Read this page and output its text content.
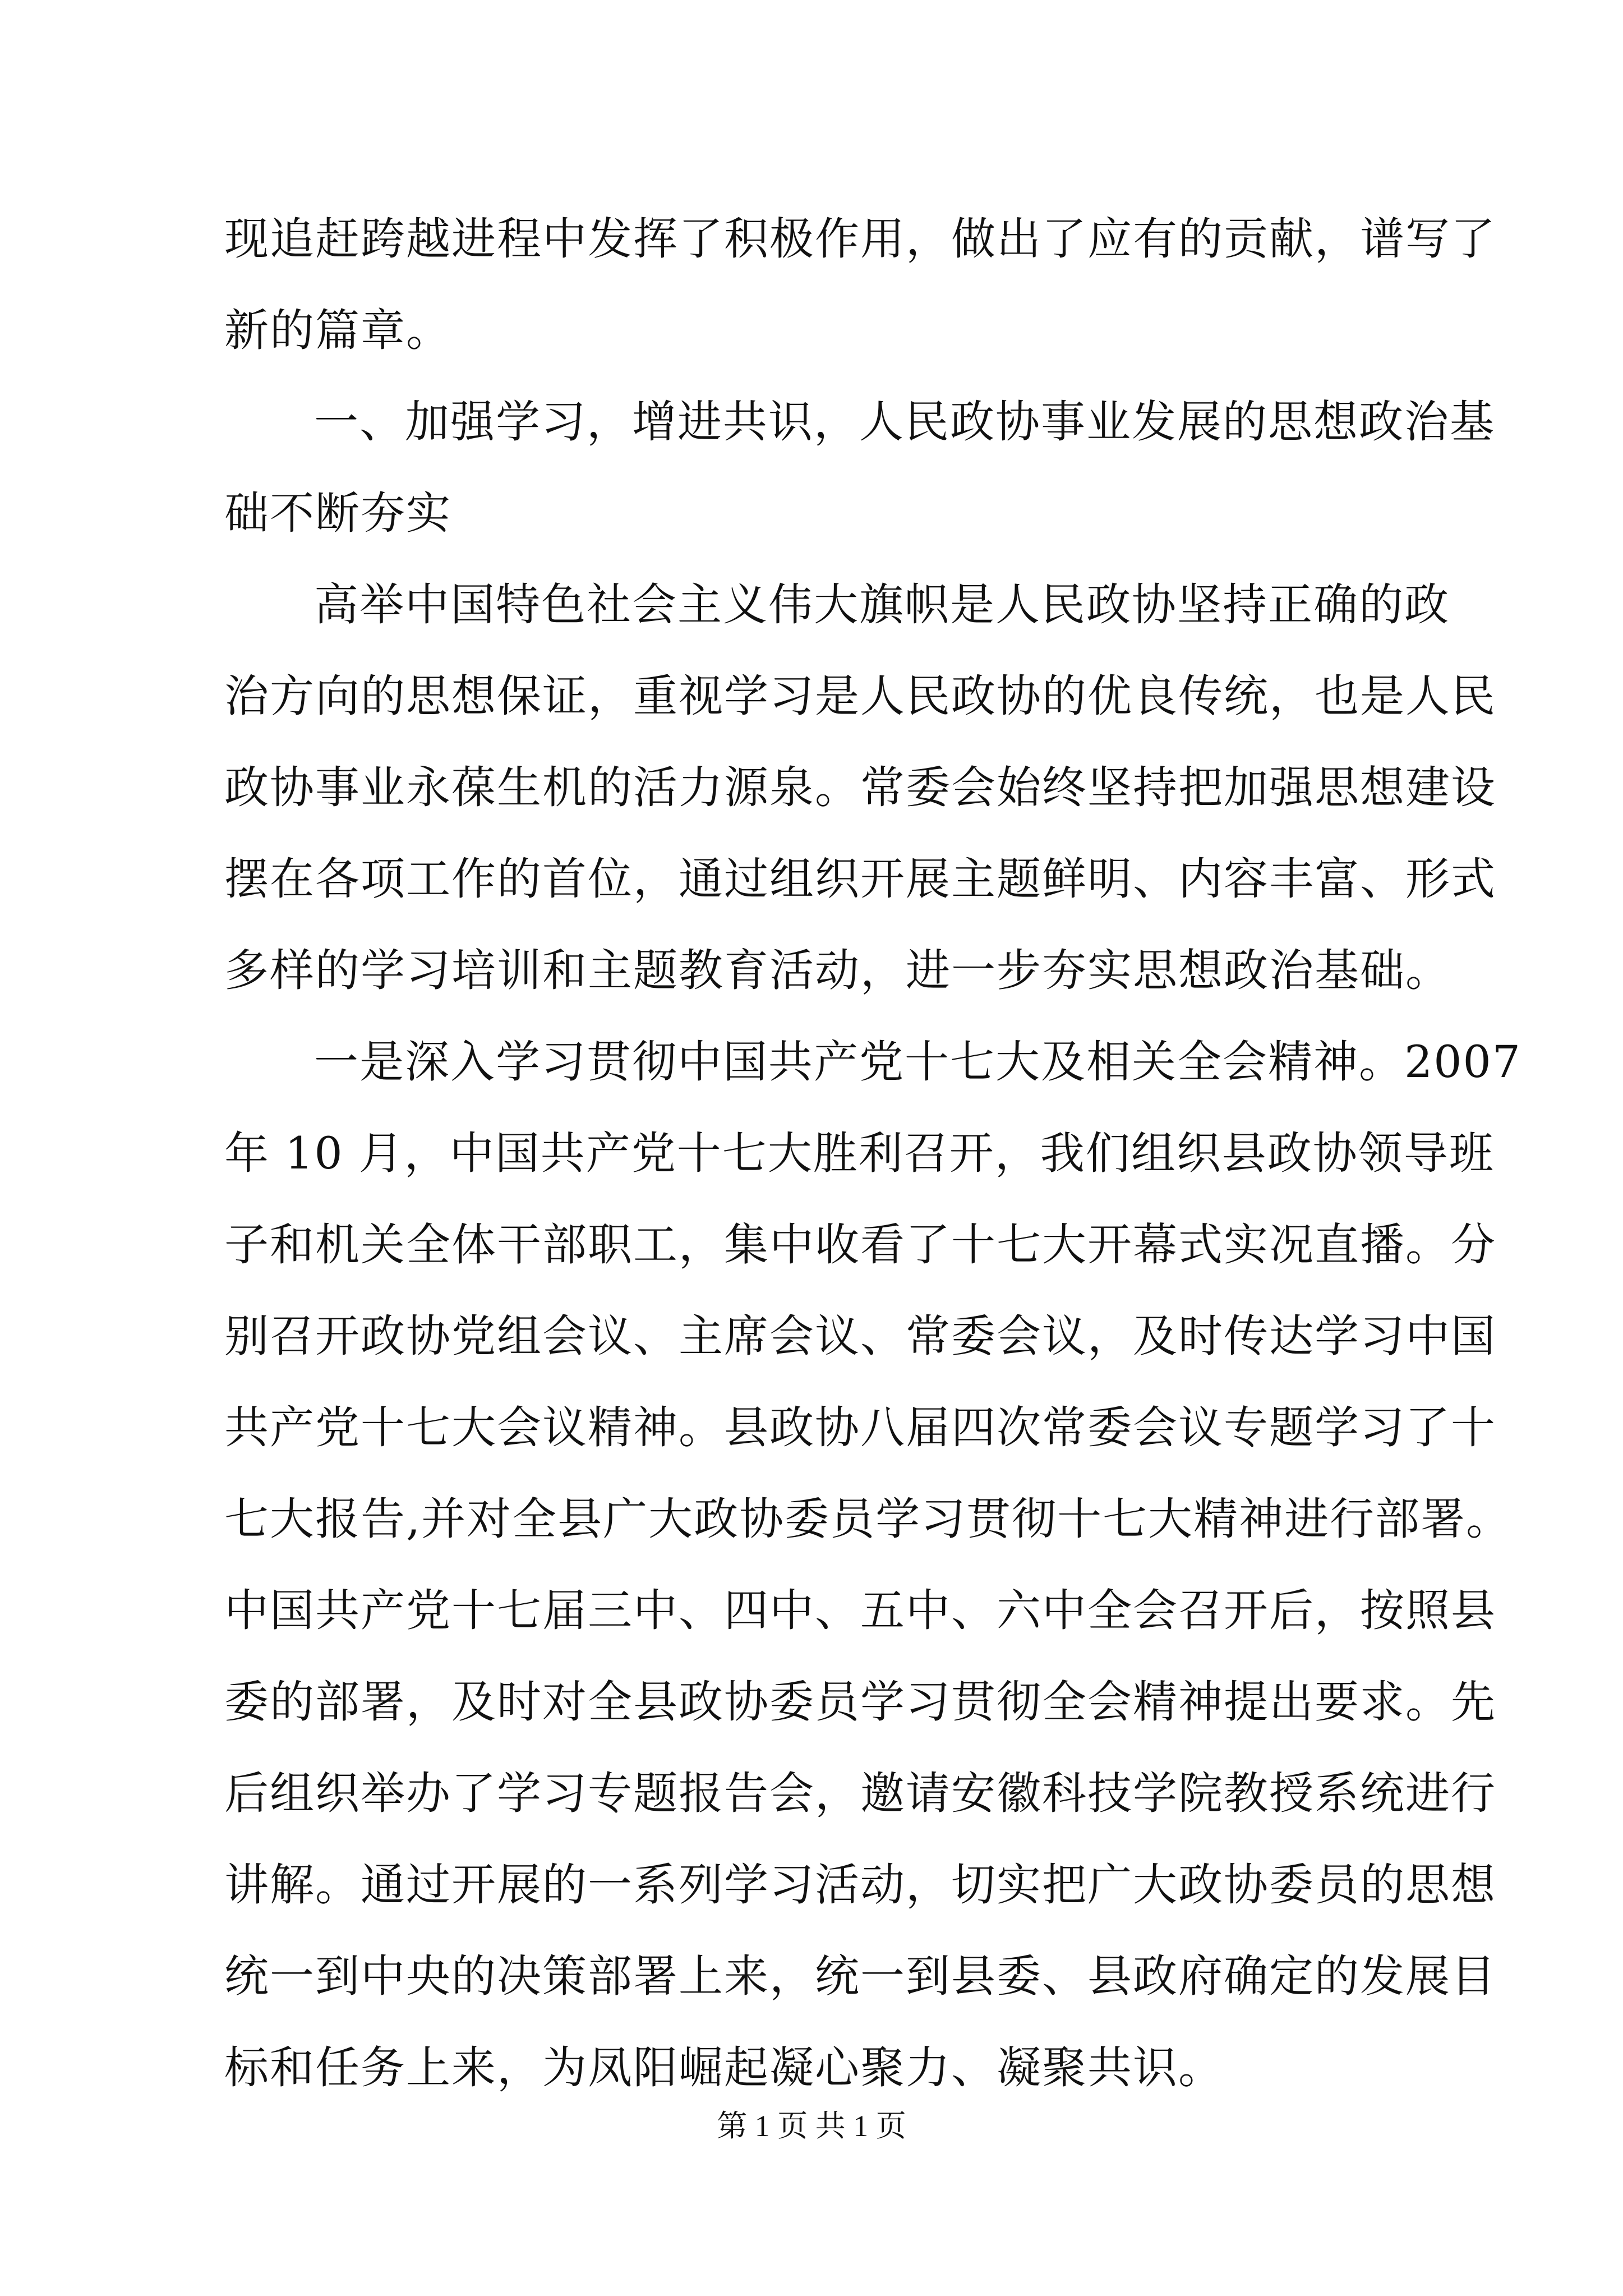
现追赶跨越进程中发挥了积极作用，做出了应有的贡献，谱写了
新的篇章。
一、加强学习，增进共识，人民政协事业发展的思想政治基
础不断夯实
高举中国特色社会主义伟大旗帜是人民政协坚持正确的政
治方向的思想保证，重视学习是人民政协的优良传统，也是人民
政协事业永葆生机的活力源泉。常委会始终坚持把加强思想建设
摆在各项工作的首位，通过组织开展主题鲜明、内容丰富、形式
多样的学习培训和主题教育活动，进一步夯实思想政治基础。
一是深入学习贯彻中国共产党十七大及相关全会精神。2007
年 10 月，中国共产党十七大胜利召开，我们组织县政协领导班
子和机关全体干部职工，集中收看了十七大开幕式实况直播。分
别召开政协党组会议、主席会议、常委会议，及时传达学习中国
共产党十七大会议精神。县政协八届四次常委会议专题学习了十
七大报告,并对全县广大政协委员学习贯彻十七大精神进行部署。
中国共产党十七届三中、四中、五中、六中全会召开后，按照县
委的部署，及时对全县政协委员学习贯彻全会精神提出要求。先
后组织举办了学习专题报告会，邀请安徽科技学院教授系统进行
讲解。通过开展的一系列学习活动，切实把广大政协委员的思想
统一到中央的决策部署上来，统一到县委、县政府确定的发展目
标和任务上来，为凤阳崛起凝心聚力、凝聚共识。
第 1 页 共 1 页
